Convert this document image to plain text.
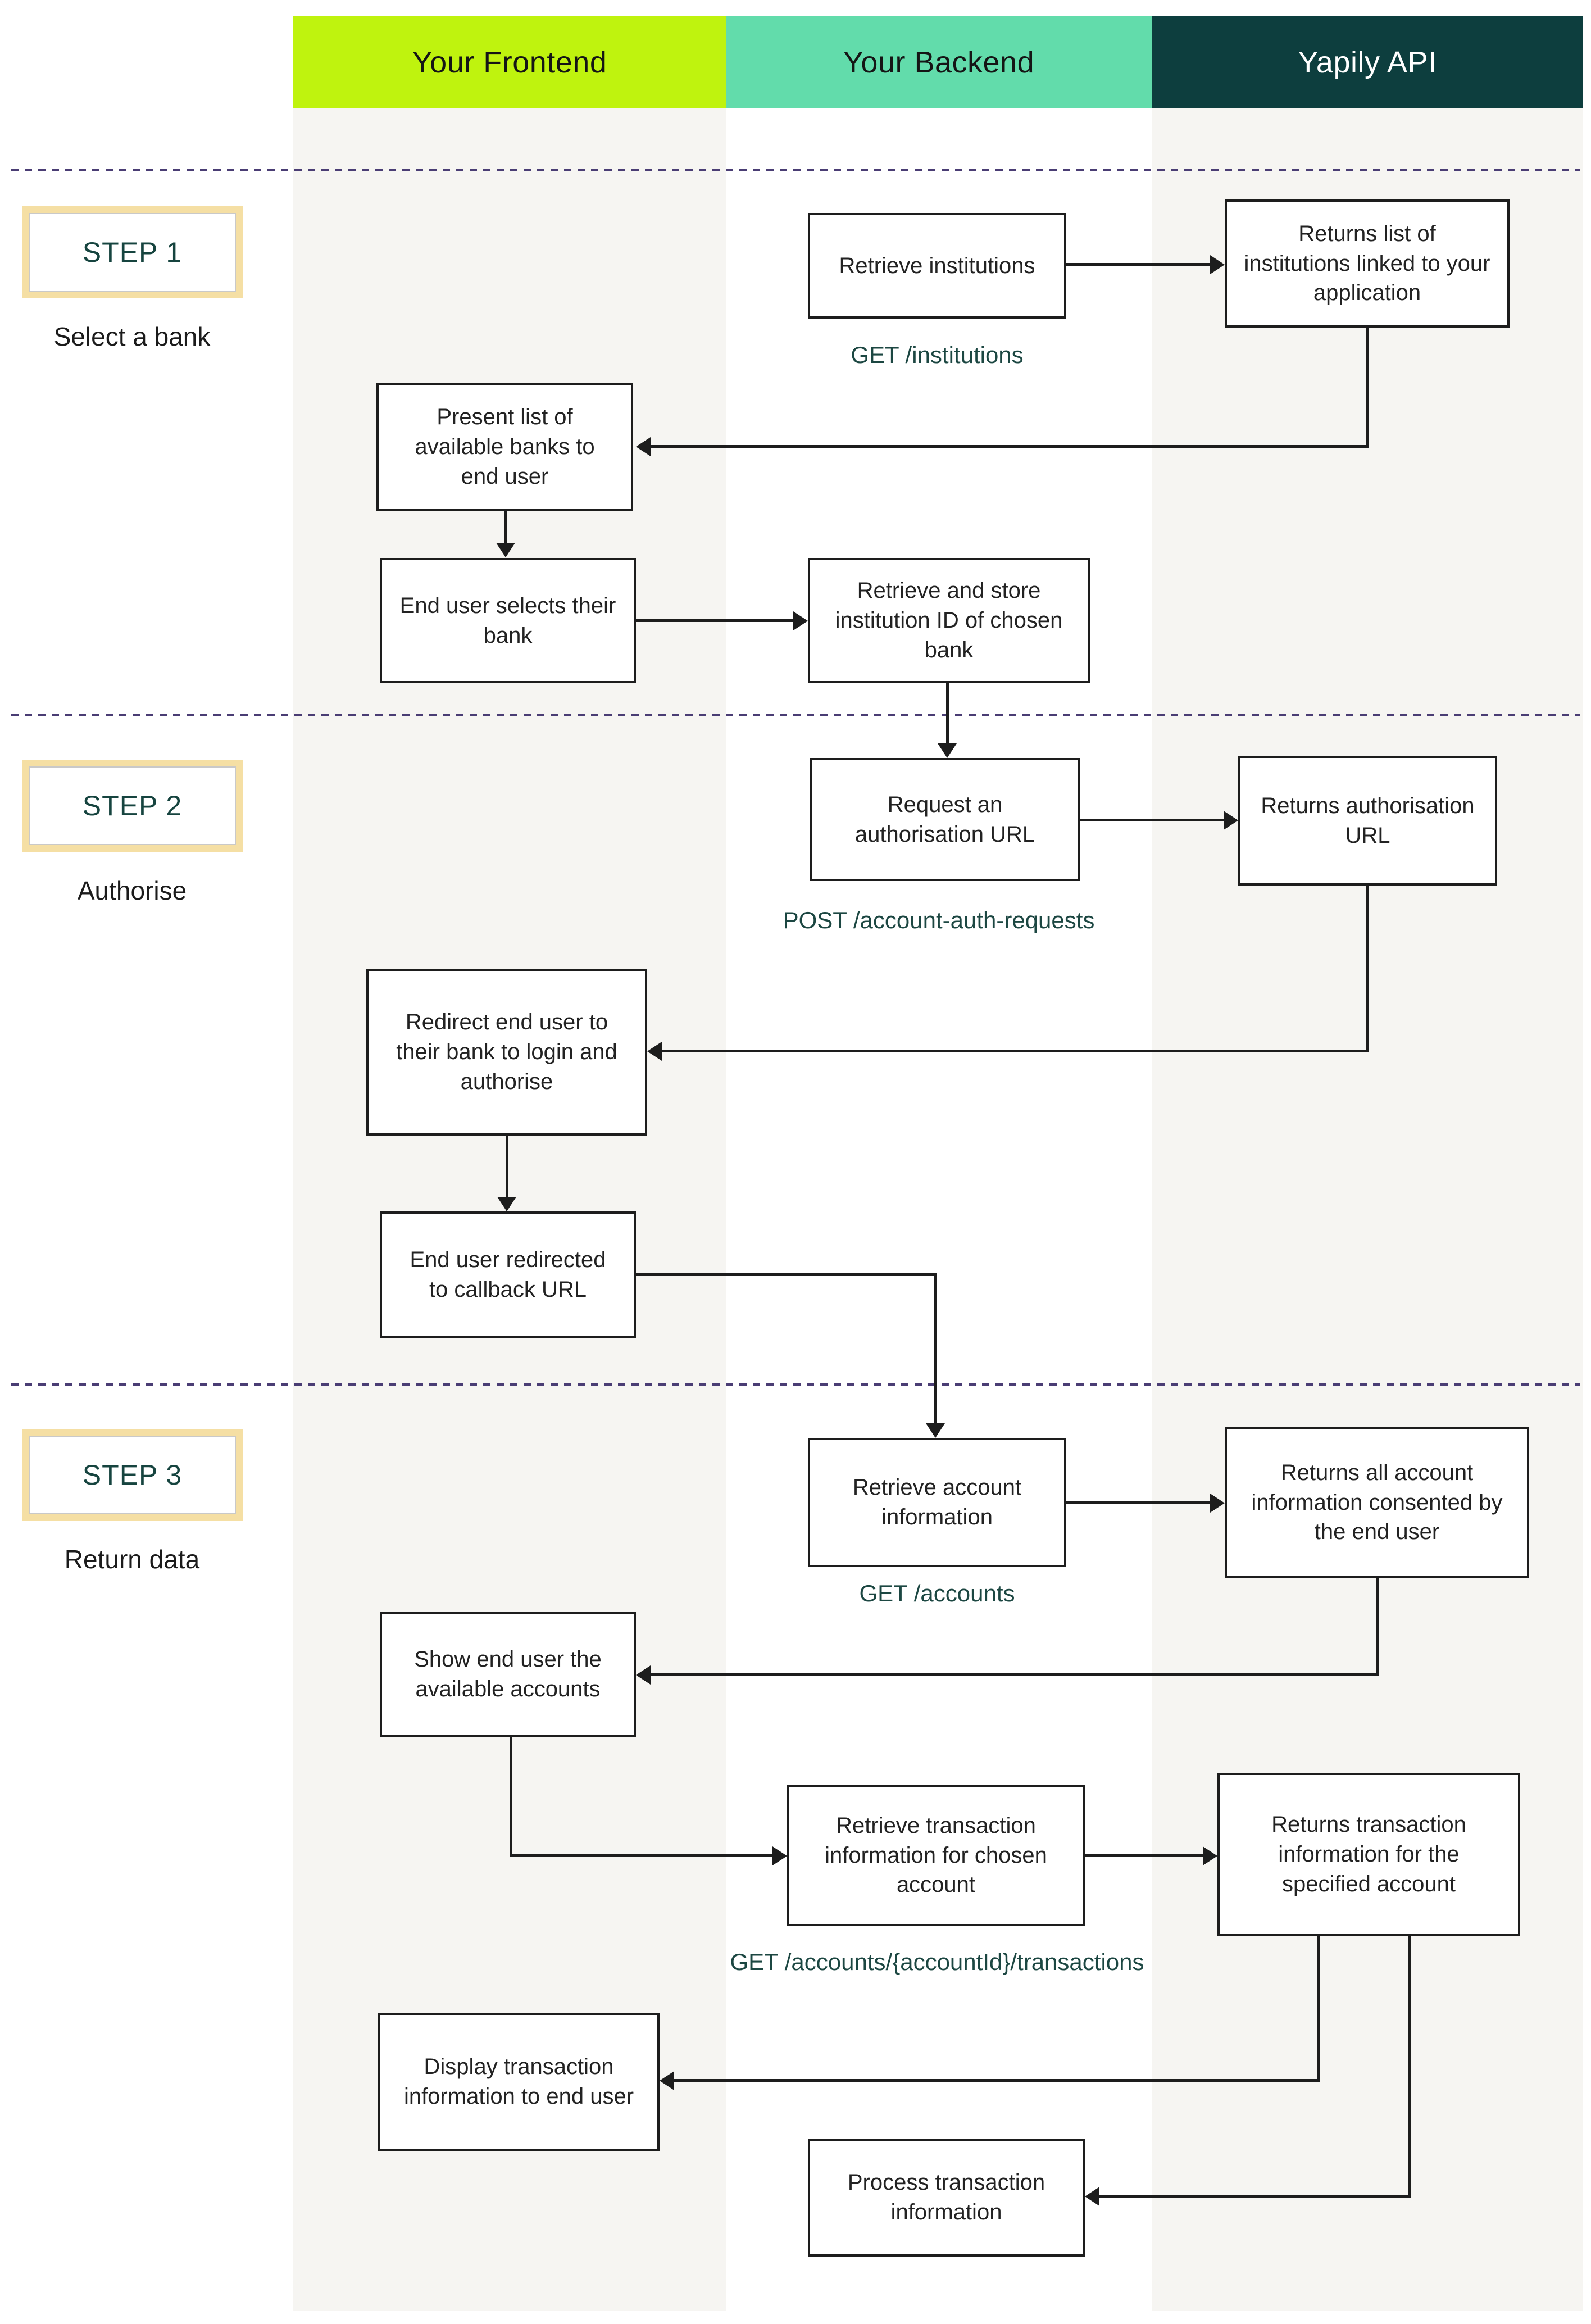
Your Frontend	Your Backend	Yapily API
STEP 1
Select a bank
STEP 2
Authorise
STEP 3
Return data
Retrieve institutions
Returns list of institutions linked to your application
GET /institutions
Present list of available banks to end user
End user selects their bank
Retrieve and store institution ID of chosen bank
Request an authorisation URL
Returns authorisation URL
POST /account-auth-requests
Redirect end user to their bank to login and authorise
End user redirected to callback URL
Retrieve account information
Returns all account information consented by the end user
GET /accounts
Show end user the available accounts
Retrieve transaction information for chosen account
Returns transaction information for the specified account
GET /accounts/{accountId}/transactions
Display transaction information to end user
Process transaction information
